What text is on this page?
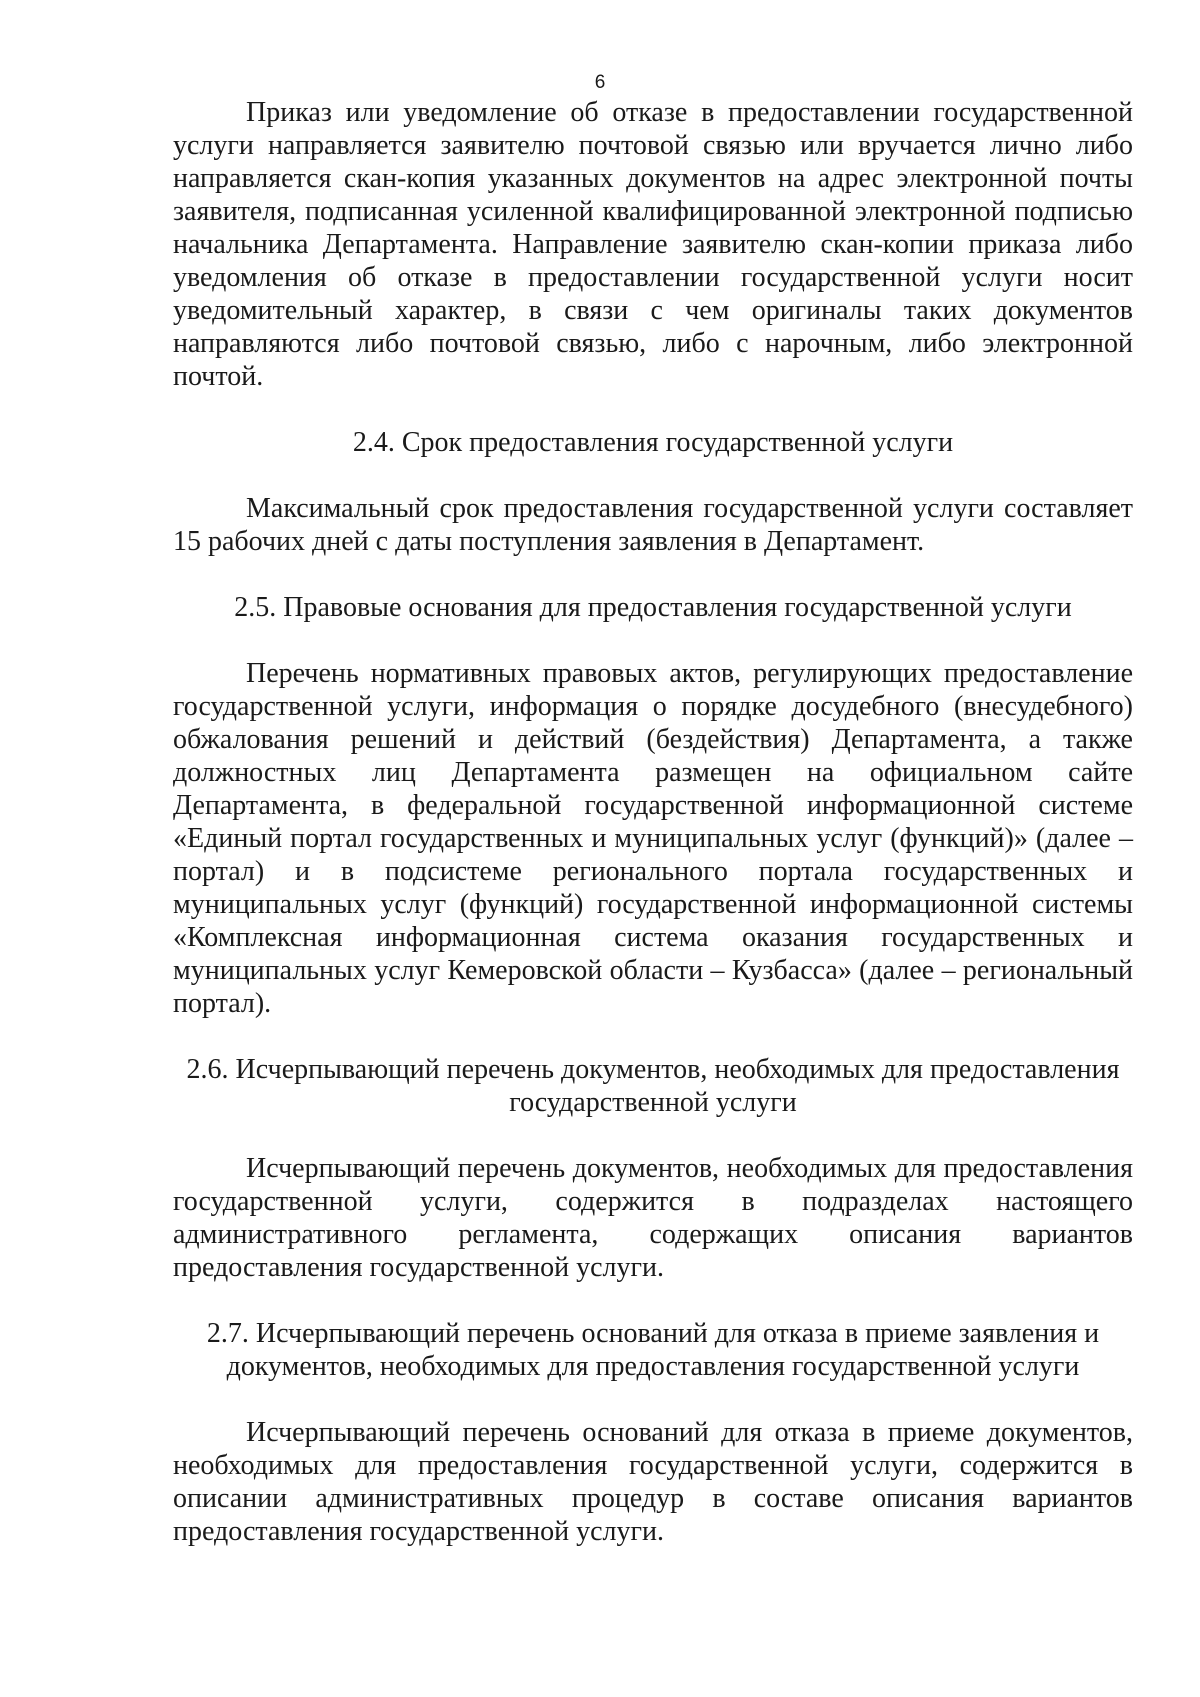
6

Приказ или уведомление об отказе в предоставлении государственной услуги направляется заявителю почтовой связью или вручается лично либо направляется скан-копия указанных документов на адрес электронной почты заявителя, подписанная усиленной квалифицированной электронной подписью начальника Департамента. Направление заявителю скан-копии приказа либо уведомления об отказе в предоставлении государственной услуги носит уведомительный характер, в связи с чем оригиналы таких документов направляются либо почтовой связью, либо с нарочным, либо электронной почтой.

2.4. Срок предоставления государственной услуги

Максимальный срок предоставления государственной услуги составляет 15 рабочих дней с даты поступления заявления в Департамент.

2.5. Правовые основания для предоставления государственной услуги

Перечень нормативных правовых актов, регулирующих предоставление государственной услуги, информация о порядке досудебного (внесудебного) обжалования решений и действий (бездействия) Департамента, а также должностных лиц Департамента размещен на официальном сайте Департамента, в федеральной государственной информационной системе «Единый портал государственных и муниципальных услуг (функций)» (далее – портал) и в подсистеме регионального портала государственных и муниципальных услуг (функций) государственной информационной системы «Комплексная информационная система оказания государственных и муниципальных услуг Кемеровской области – Кузбасса» (далее – региональный портал).

2.6. Исчерпывающий перечень документов, необходимых для предоставления государственной услуги

Исчерпывающий перечень документов, необходимых для предоставления государственной услуги, содержится в подразделах настоящего административного регламента, содержащих описания вариантов предоставления государственной услуги.

2.7. Исчерпывающий перечень оснований для отказа в приеме заявления и документов, необходимых для предоставления государственной услуги

Исчерпывающий перечень оснований для отказа в приеме документов, необходимых для предоставления государственной услуги, содержится в описании административных процедур в составе описания вариантов предоставления государственной услуги.
